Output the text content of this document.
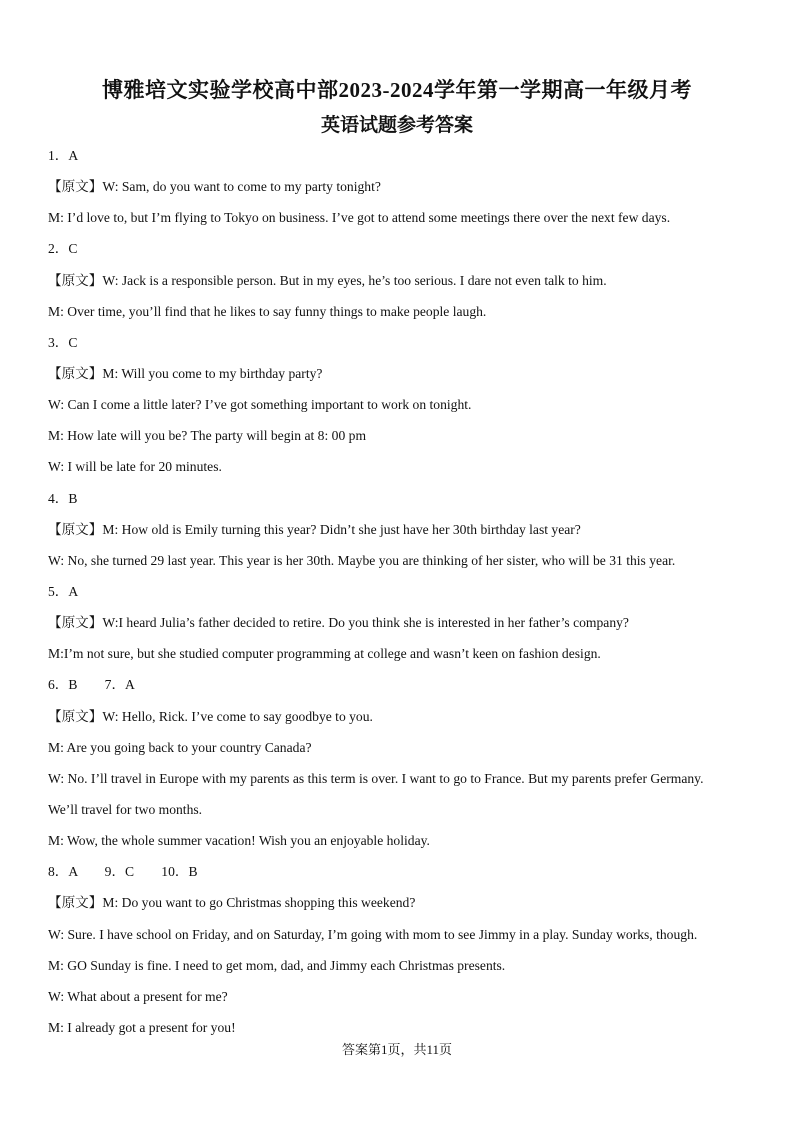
博雅培文实验学校高中部2023-2024学年第一学期高一年级月考
英语试题参考答案
1．A
【原文】W: Sam, do you want to come to my party tonight?
M: I’d love to, but I’m flying to Tokyo on business. I’ve got to attend some meetings there over the next few days.
2．C
【原文】W: Jack is a responsible person. But in my eyes, he’s too serious. I dare not even talk to him.
M: Over time, you’ll find that he likes to say funny things to make people laugh.
3．C
【原文】M: Will you come to my birthday party?
W: Can I come a little later? I’ve got something important to work on tonight.
M: How late will you be? The party will begin at 8: 00 pm
W: I will be late for 20 minutes.
4．B
【原文】M: How old is Emily turning this year? Didn’t she just have her 30th birthday last year?
W: No, she turned 29 last year. This year is her 30th. Maybe you are thinking of her sister, who will be 31 this year.
5．A
【原文】W:I heard Julia’s father decided to retire. Do you think she is interested in her father’s company?
M:I’m not sure, but she studied computer programming at college and wasn’t keen on fashion design.
6．B　　7．A
【原文】W: Hello, Rick. I’ve come to say goodbye to you.
M: Are you going back to your country Canada?
W: No. I’ll travel in Europe with my parents as this term is over. I want to go to France. But my parents prefer Germany.
We’ll travel for two months.
M: Wow, the whole summer vacation! Wish you an enjoyable holiday.
8．A　　9．C　　10．B
【原文】M: Do you want to go Christmas shopping this weekend?
W: Sure. I have school on Friday, and on Saturday, I’m going with mom to see Jimmy in a play. Sunday works, though.
M: GO Sunday is fine. I need to get mom, dad, and Jimmy each Christmas presents.
W: What about a present for me?
M: I already got a present for you!
答案第1页，共11页
